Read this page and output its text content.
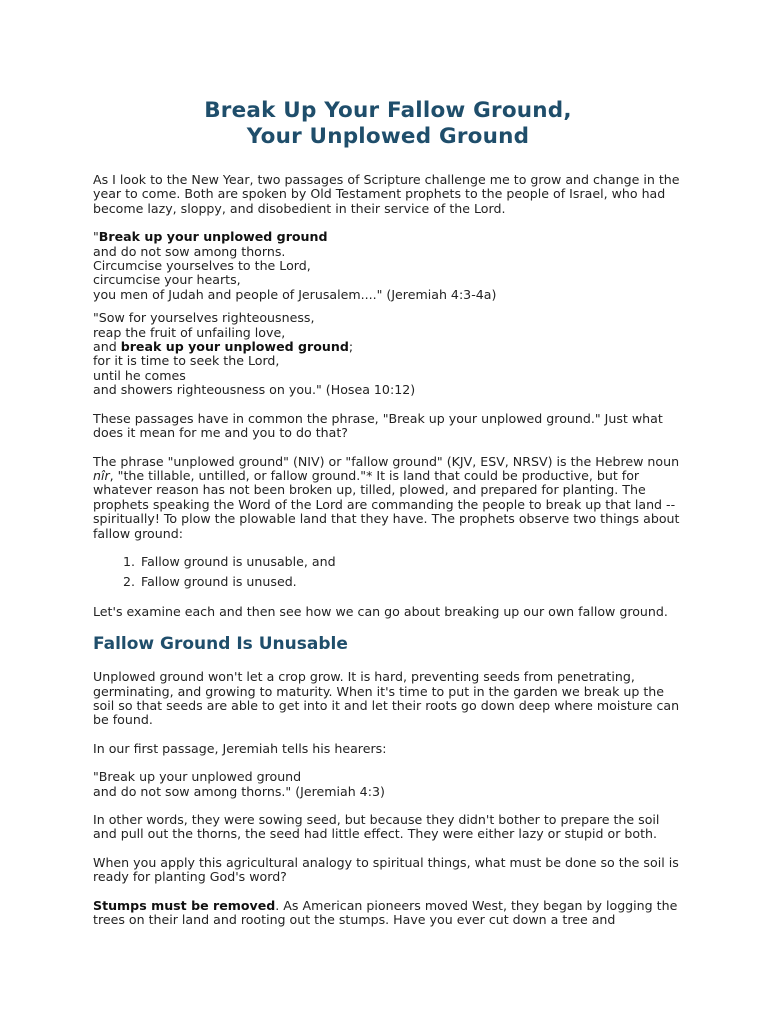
Break Up Your Fallow Ground,
Your Unplowed Ground

As I look to the New Year, two passages of Scripture challenge me to grow and change in the year to come. Both are spoken by Old Testament prophets to the people of Israel, who had become lazy, sloppy, and disobedient in their service of the Lord.

"Break up your unplowed ground
and do not sow among thorns.
Circumcise yourselves to the Lord,
circumcise your hearts,
you men of Judah and people of Jerusalem...." (Jeremiah 4:3-4a)
"Sow for yourselves righteousness,
reap the fruit of unfailing love,
and break up your unplowed ground;
for it is time to seek the Lord,
until he comes
and showers righteousness on you." (Hosea 10:12)

These passages have in common the phrase, "Break up your unplowed ground." Just what does it mean for me and you to do that?

The phrase "unplowed ground" (NIV) or "fallow ground" (KJV, ESV, NRSV) is the Hebrew noun nîr, "the tillable, untilled, or fallow ground."* It is land that could be productive, but for whatever reason has not been broken up, tilled, plowed, and prepared for planting. The prophets speaking the Word of the Lord are commanding the people to break up that land -- spiritually! To plow the plowable land that they have. The prophets observe two things about fallow ground:

1. Fallow ground is unusable, and
2. Fallow ground is unused.

Let's examine each and then see how we can go about breaking up our own fallow ground.

Fallow Ground Is Unusable

Unplowed ground won't let a crop grow. It is hard, preventing seeds from penetrating, germinating, and growing to maturity. When it's time to put in the garden we break up the soil so that seeds are able to get into it and let their roots go down deep where moisture can be found.

In our first passage, Jeremiah tells his hearers:

"Break up your unplowed ground
and do not sow among thorns." (Jeremiah 4:3)

In other words, they were sowing seed, but because they didn't bother to prepare the soil and pull out the thorns, the seed had little effect. They were either lazy or stupid or both.

When you apply this agricultural analogy to spiritual things, what must be done so the soil is ready for planting God's word?

Stumps must be removed. As American pioneers moved West, they began by logging the trees on their land and rooting out the stumps. Have you ever cut down a tree and
